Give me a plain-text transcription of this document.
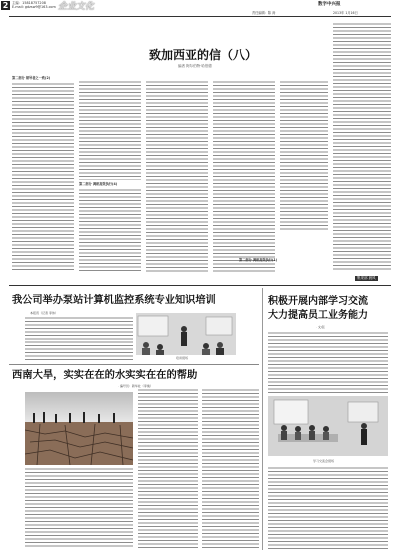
2	主编：15818757208
E-mail: gdzsw9@163.com 企业文化	数字中兴报
责任编辑：陈 涛	2013年 1月16日
致加西亚的信（八）
编者 阿尔伯特·哈伯德
第二部分 领导者之一致(2)
第二部分 调研高效执行(4)
第二部分 调研高效执行(1)
集采部 晨风
我公司举办泵站计算机监控系统专业知识培训
本报讯（记者 李伟）
培训现场
西南大旱，实实在在的水实实在在的帮助
· 编号员：新华社（李焕）
积极开展内部学习交流
大力提高员工业务能力
· 文/张
学习交流会现场
